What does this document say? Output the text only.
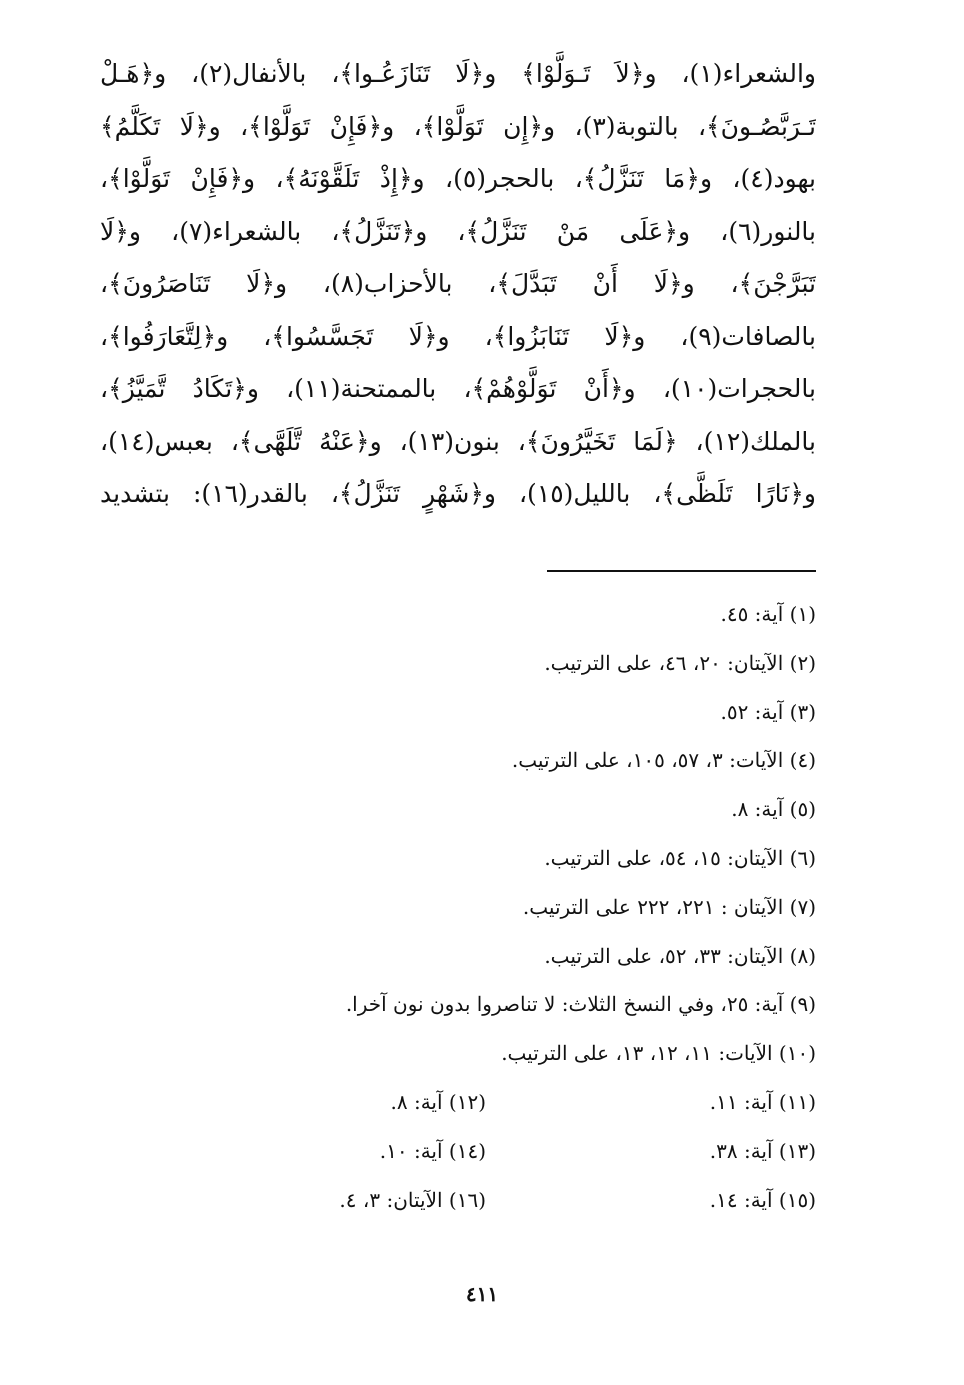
والشعراء(١)، و﴿لاَ تَـوَلَّوْا﴾ و﴿لَا تَنَازَعُـوا﴾، بالأنفال(٢)، و﴿هَـلْ
تَـرَبَّصُـونَ﴾، بالتوبة(٣)، و﴿إِن تَوَلَّوْا﴾، و﴿فَإِنْ تَوَلَّوْا﴾، و﴿لَا تَكَلَّمُ﴾
بهود(٤)، و﴿مَا تَنَزَّلُ﴾، بالحجر(٥)، و﴿إِذْ تَلَقَّوْنَهُ﴾، و﴿فَإِنْ تَوَلَّوْا﴾،
بالنور(٦)، و﴿عَلَى مَنْ تَنَزَّلُ﴾، و﴿تَنَزَّلُ﴾، بالشعراء(٧)، و﴿لَا
تَبَرَّجْنَ﴾، و﴿لَا أَنْ تَبَدَّلَ﴾، بالأحزاب(٨)، و﴿لَا تَنَاصَرُونَ﴾،
بالصافات(٩)، و﴿لَا تَنَابَزُوا﴾، و﴿لَا تَجَسَّسُوا﴾، و﴿لِتَّعَارَفُوا﴾،
بالحجرات(١٠)، و﴿أَنْ تَوَلَّوْهُمْ﴾، بالممتحنة(١١)، و﴿تَكَادُ تَّمَيَّزُ﴾،
بالملك(١٢)، ﴿لَمَا تَخَيَّرُونَ﴾، بنون(١٣)، و﴿عَنْهُ تَّلَهَّى﴾، بعبس(١٤)،
و﴿نَارًا تَلَظَّى﴾، بالليل(١٥)، و﴿شَهْرٍ تَنَزَّلُ﴾، بالقدر(١٦): بتشديد
(١) آية: ٤٥.
(٢) الآيتان: ٢٠، ٤٦، على الترتيب.
(٣) آية: ٥٢.
(٤) الآيات: ٣، ٥٧، ١٠٥، على الترتيب.
(٥) آية: ٨.
(٦) الآيتان: ١٥، ٥٤، على الترتيب.
(٧) الآيتان : ٢٢١، ٢٢٢ على الترتيب.
(٨) الآيتان: ٣٣، ٥٢، على الترتيب.
(٩) آية: ٢٥، وفي النسخ الثلاث: لا تناصروا بدون نون آخرا.
(١٠) الآيات: ١١، ١٢، ١٣، على الترتيب.
(١١) آية: ١١.
(١٢) آية: ٨.
(١٣) آية: ٣٨.
(١٤) آية: ١٠.
(١٥) آية: ١٤.
(١٦) الآيتان: ٣، ٤.
٤١١
